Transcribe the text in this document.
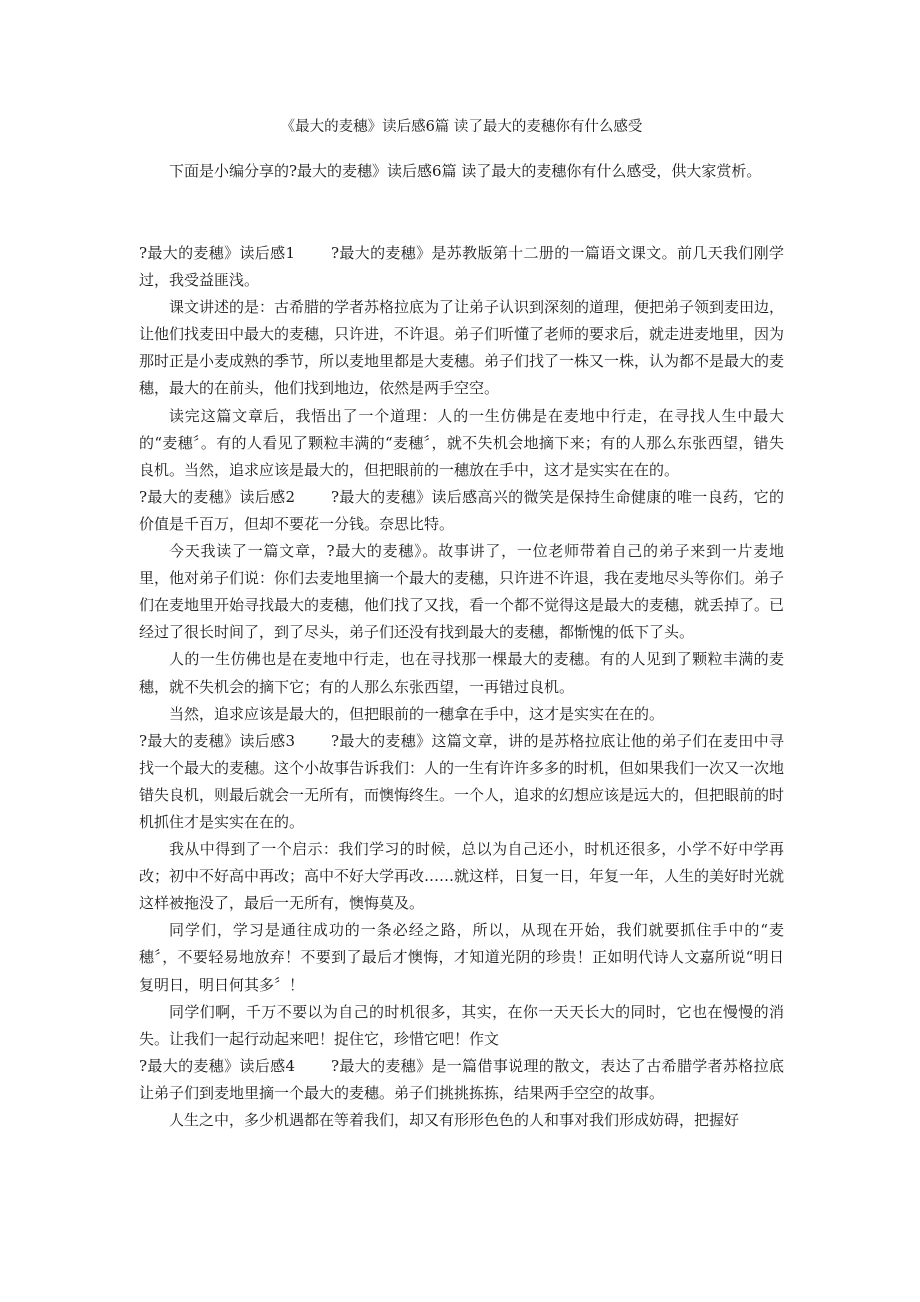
《最大的麦穗》读后感6篇 读了最大的麦穗你有什么感受
下面是小编分享的?最大的麦穗》读后感6篇 读了最大的麦穗你有什么感受，供大家赏析。

?最大的麦穗》读后感1 ?最大的麦穗》是苏教版第十二册的一篇语文课文。前几天我们刚学过，我受益匪浅。

课文讲述的是：古希腊的学者苏格拉底为了让弟子认识到深刻的道理，便把弟子领到麦田边，让他们找麦田中最大的麦穗，只许进，不许退。弟子们听懂了老师的要求后，就走进麦地里，因为那时正是小麦成熟的季节，所以麦地里都是大麦穗。弟子们找了一株又一株，认为都不是最大的麦穗，最大的在前头，他们找到地边，依然是两手空空。

读完这篇文章后，我悟出了一个道理：人的一生仿佛是在麦地中行走，在寻找人生中最大的“麦穗〞。有的人看见了颗粒丰满的“麦穗〞，就不失机会地摘下来；有的人那么东张西望，错失良机。当然，追求应该是最大的，但把眼前的一穗放在手中，这才是实实在在的。

?最大的麦穗》读后感2 ?最大的麦穗》读后感高兴的微笑是保持生命健康的唯一良药，它的价值是千百万，但却不要花一分钱。奈思比特。

今天我读了一篇文章，?最大的麦穗》。故事讲了，一位老师带着自己的弟子来到一片麦地里，他对弟子们说：你们去麦地里摘一个最大的麦穗，只许进不许退，我在麦地尽头等你们。弟子们在麦地里开始寻找最大的麦穗，他们找了又找，看一个都不觉得这是最大的麦穗，就丢掉了。已经过了很长时间了，到了尽头，弟子们还没有找到最大的麦穗，都惭愧的低下了头。

人的一生仿佛也是在麦地中行走，也在寻找那一棵最大的麦穗。有的人见到了颗粒丰满的麦穗，就不失机会的摘下它；有的人那么东张西望，一再错过良机。

当然，追求应该是最大的，但把眼前的一穗拿在手中，这才是实实在在的。

?最大的麦穗》读后感3 ?最大的麦穗》这篇文章，讲的是苏格拉底让他的弟子们在麦田中寻找一个最大的麦穗。这个小故事告诉我们：人的一生有许许多多的时机，但如果我们一次又一次地错失良机，则最后就会一无所有，而懊悔终生。一个人，追求的幻想应该是远大的，但把眼前的时机抓住才是实实在在的。

我从中得到了一个启示：我们学习的时候，总以为自己还小，时机还很多，小学不好中学再改；初中不好高中再改；高中不好大学再改……就这样，日复一日，年复一年，人生的美好时光就这样被拖没了，最后一无所有，懊悔莫及。

同学们，学习是通往成功的一条必经之路，所以，从现在开始，我们就要抓住手中的“麦穗〞，不要轻易地放弃！不要到了最后才懊悔，才知道光阴的珍贵！正如明代诗人文嘉所说“明日复明日，明日何其多〞！

同学们啊，千万不要以为自己的时机很多，其实，在你一天天长大的同时，它也在慢慢的消失。让我们一起行动起来吧！捉住它，珍惜它吧！作文

?最大的麦穗》读后感4 ?最大的麦穗》是一篇借事说理的散文，表达了古希腊学者苏格拉底让弟子们到麦地里摘一个最大的麦穗。弟子们挑挑拣拣，结果两手空空的故事。

人生之中，多少机遇都在等着我们，却又有形形色色的人和事对我们形成妨碍，把握好
